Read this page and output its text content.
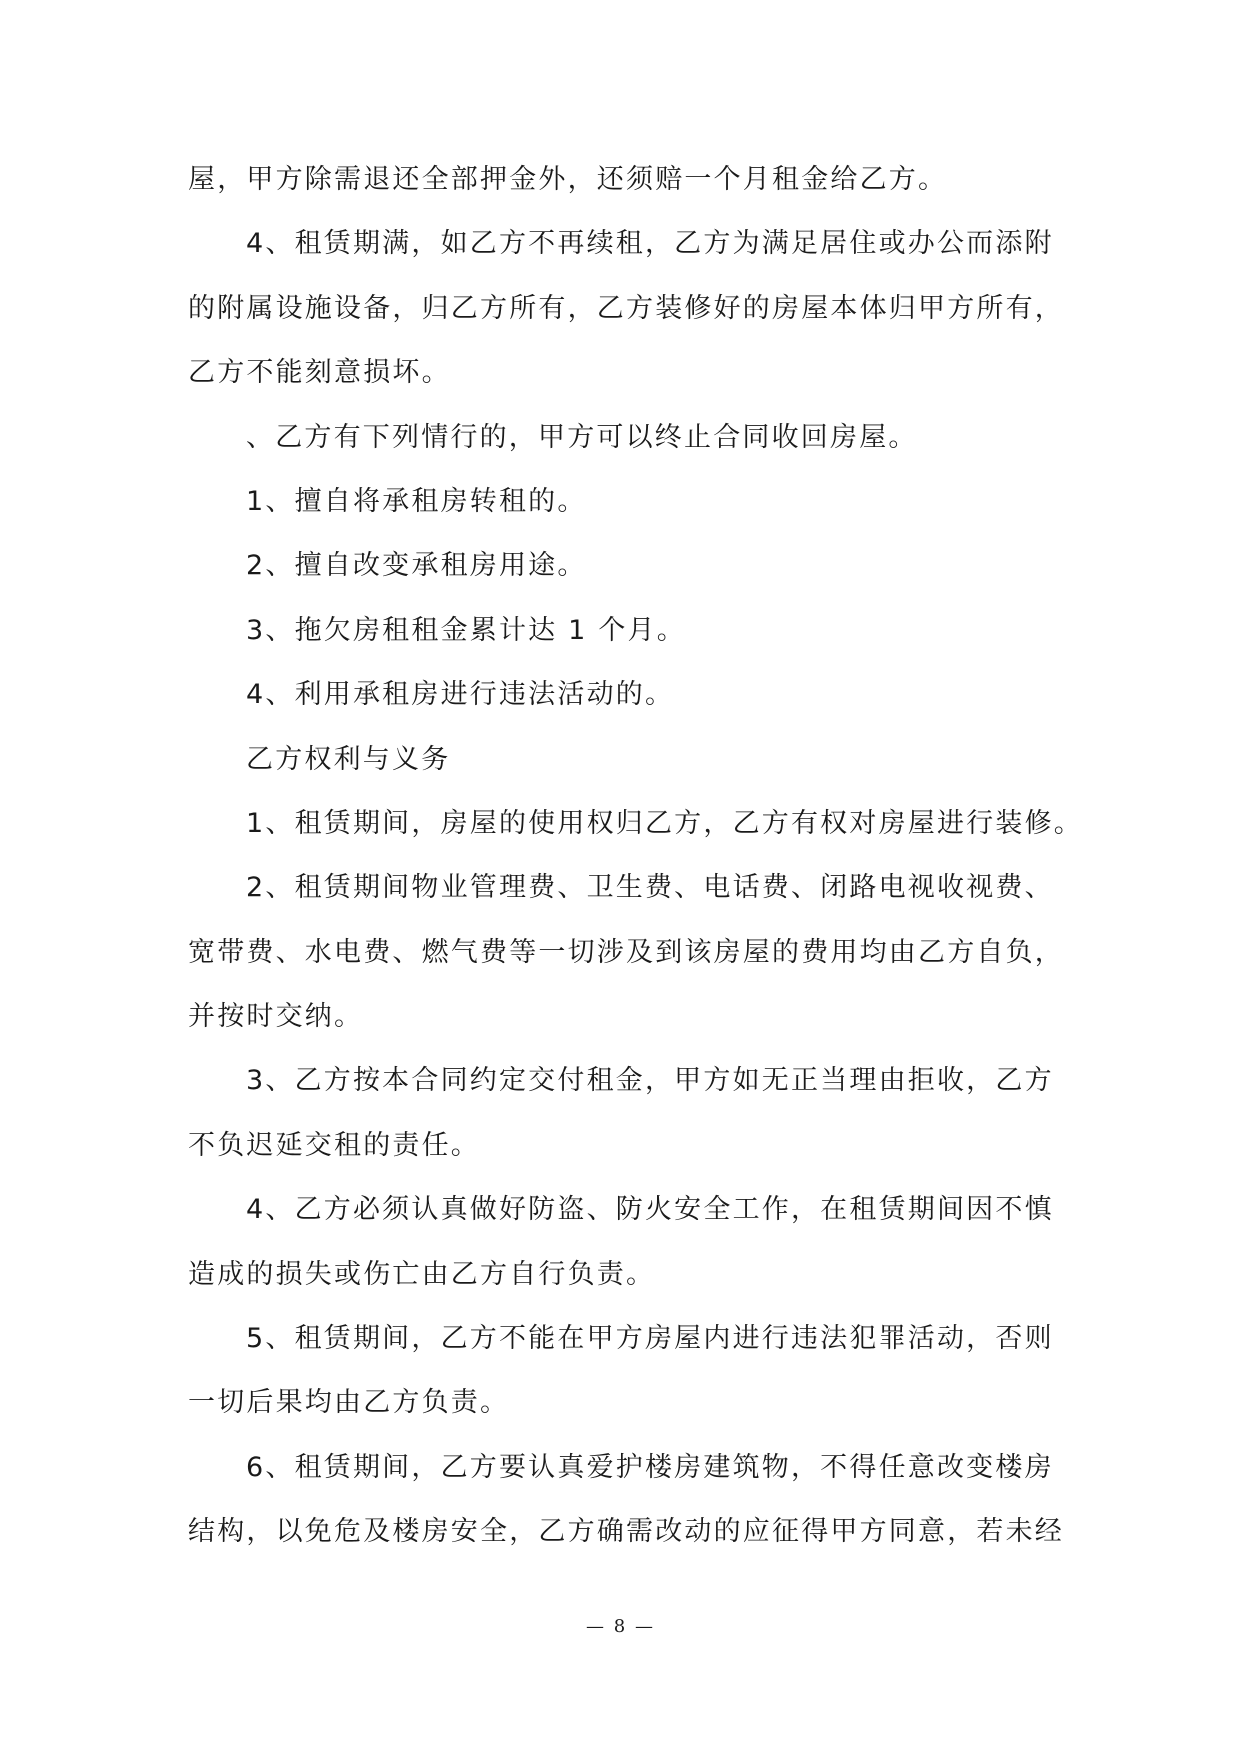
屋，甲方除需退还全部押金外，还须赔一个月租金给乙方。
4、租赁期满，如乙方不再续租，乙方为满足居住或办公而添附
的附属设施设备，归乙方所有，乙方装修好的房屋本体归甲方所有，
乙方不能刻意损坏。
、乙方有下列情行的，甲方可以终止合同收回房屋。
1、擅自将承租房转租的。
2、擅自改变承租房用途。
3、拖欠房租租金累计达 1 个月。
4、利用承租房进行违法活动的。
乙方权利与义务
1、租赁期间，房屋的使用权归乙方，乙方有权对房屋进行装修。
2、租赁期间物业管理费、卫生费、电话费、闭路电视收视费、
宽带费、水电费、燃气费等一切涉及到该房屋的费用均由乙方自负，
并按时交纳。
3、乙方按本合同约定交付租金，甲方如无正当理由拒收，乙方
不负迟延交租的责任。
4、乙方必须认真做好防盗、防火安全工作，在租赁期间因不慎
造成的损失或伤亡由乙方自行负责。
5、租赁期间，乙方不能在甲方房屋内进行违法犯罪活动，否则
一切后果均由乙方负责。
6、租赁期间，乙方要认真爱护楼房建筑物，不得任意改变楼房
结构，以免危及楼房安全，乙方确需改动的应征得甲方同意，若未经
— 8 —
